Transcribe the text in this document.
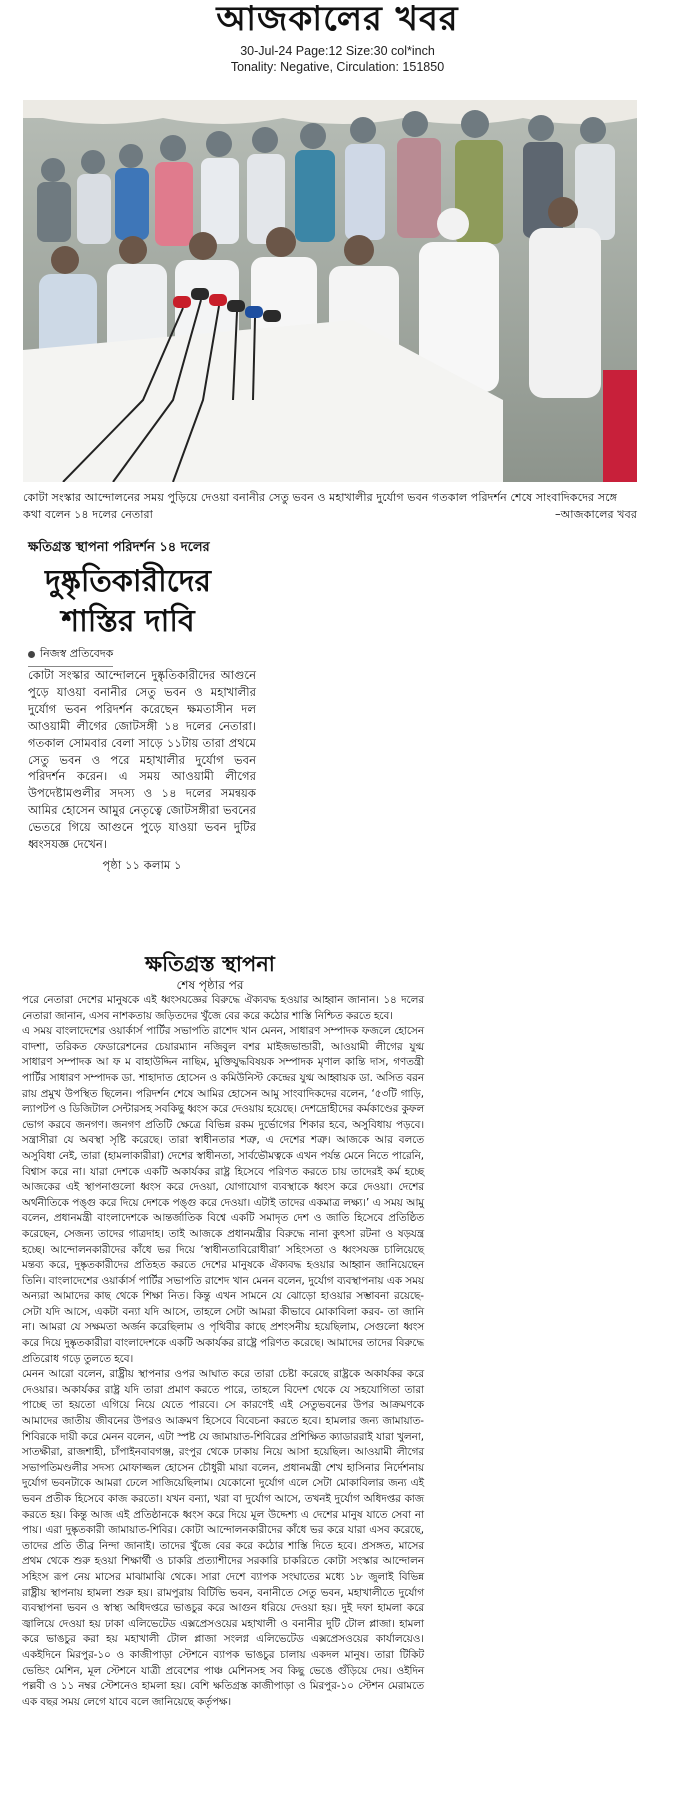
আজকালের খবর
30-Jul-24 Page:12 Size:30 col*inch
Tonality: Negative, Circulation: 151850
কোটা সংস্কার আন্দোলনের সময় পুড়িয়ে দেওয়া বনানীর সেতু ভবন ও মহাখালীর দুর্যোগ ভবন গতকাল পরিদর্শন শেষে সাংবাদিকদের সঙ্গে কথা বলেন ১৪ দলের নেতারা	–আজকালের খবর
ক্ষতিগ্রস্ত স্থাপনা পরিদর্শন ১৪ দলের
দুষ্কৃতিকারীদের শাস্তির দাবি
নিজস্ব প্রতিবেদক
কোটা সংস্কার আন্দোলনে দুষ্কৃতিকারীদের আগুনে পুড়ে যাওয়া বনানীর সেতু ভবন ও মহাখালীর দুর্যোগ ভবন পরিদর্শন করেছেন ক্ষমতাসীন দল আওয়ামী লীগের জোটসঙ্গী ১৪ দলের নেতারা। গতকাল সোমবার বেলা সাড়ে ১১টায় তারা প্রথমে সেতু ভবন ও পরে মহাখালীর দুর্যোগ ভবন পরিদর্শন করেন। এ সময় আওয়ামী লীগের উপদেষ্টামণ্ডলীর সদস্য ও ১৪ দলের সমন্বয়ক আমির হোসেন আমুর নেতৃত্বে জোটসঙ্গীরা ভবনের ভেতরে গিয়ে আগুনে পুড়ে যাওয়া ভবন দুটির ধ্বংসযজ্ঞ দেখেন।
পৃষ্ঠা ১১ কলাম ১
ক্ষতিগ্রস্ত স্থাপনা
শেষ পৃষ্ঠার পর

পরে নেতারা দেশের মানুষকে এই ধ্বংসযজ্ঞের বিরুদ্ধে ঐক্যবদ্ধ হওয়ার আহ্বান জানান। ১৪ দলের নেতারা জানান, এসব নাশকতায় জড়িতদের খুঁজে বের করে কঠোর শাস্তি নিশ্চিত করতে হবে।

এ সময় বাংলাদেশের ওয়ার্কার্স পার্টির সভাপতি রাশেদ খান মেনন, সাধারণ সম্পাদক ফজলে হোসেন বাদশা, তরিকত ফেডারেশনের চেয়ারম্যান নজিবুল বশর মাইজভান্ডারী, আওয়ামী লীগের যুগ্ম সাধারণ সম্পাদক আ ফ ম বাহাউদ্দিন নাছিম, মুক্তিযুদ্ধবিষয়ক সম্পাদক মৃণাল কান্তি দাস, গণতন্ত্রী পার্টির সাধারণ সম্পাদক ডা. শাহাদাত হোসেন ও কমিউনিস্ট কেন্দ্রের যুগ্ম আহ্বায়ক ডা. অসিত বরন রায় প্রমুখ উপস্থিত ছিলেন। পরিদর্শন শেষে আমির হোসেন আমু সাংবাদিকদের বলেন, ‘৫৩টি গাড়ি, ল্যাপটপ ও ডিজিটাল সেন্টারসহ সবকিছু ধ্বংস করে দেওয়ায় হয়েছে। দেশদ্রোহীদের কর্মকাণ্ডের কুফল ভোগ করবে জনগণ। জনগণ প্রতিটি ক্ষেত্রে বিভিন্ন রকম দুর্ভোগের শিকার হবে, অসুবিধায় পড়বে। সন্ত্রাসীরা যে অবস্থা সৃষ্টি করেছে। তারা স্বাধীনতার শত্রু, এ দেশের শত্রু। আজকে আর বলতে অসুবিধা নেই, তারা (হামলাকারীরা) দেশের স্বাধীনতা, সার্বভৌমত্বকে এখন পর্যন্ত মেনে নিতে পারেনি, বিশ্বাস করে না। যারা দেশকে একটি অকার্যকর রাষ্ট্র হিসেবে পরিণত করতে চায় তাদেরই কর্ম হচ্ছে আজকের এই স্থাপনাগুলো ধ্বংস করে দেওয়া, যোগাযোগ ব্যবস্থাকে ধ্বংস করে দেওয়া। দেশের অর্থনীতিকে পঙ্গু করে দিয়ে দেশকে পঙ্গু করে দেওয়া। এটাই তাদের একমাত্র লক্ষ্য।’ এ সময় আমু বলেন, প্রধানমন্ত্রী বাংলাদেশকে আন্তর্জাতিক বিশ্বে একটি সমাদৃত দেশ ও জাতি হিসেবে প্রতিষ্ঠিত করেছেন, সেজন্য তাদের গাত্রদাহ। তাই আজকে প্রধানমন্ত্রীর বিরুদ্ধে নানা কুৎসা রটনা ও ষড়যন্ত্র হচ্ছে। আন্দোলনকারীদের কাঁধে ভর দিয়ে ‘স্বাধীনতাবিরোধীরা’ সহিংসতা ও ধ্বংসযজ্ঞ চালিয়েছে মন্তব্য করে, দুষ্কৃতকারীদের প্রতিহত করতে দেশের মানুষকে ঐক্যবদ্ধ হওয়ার আহ্বান জানিয়েছেন তিনি। বাংলাদেশের ওয়ার্কার্স পার্টির সভাপতি রাশেদ খান মেনন বলেন, দুর্যোগ ব্যবস্থাপনায় এক সময় অন্যরা আমাদের কাছ থেকে শিক্ষা নিত। কিন্তু এখন সামনে যে ঝোড়ো হাওয়ার সম্ভাবনা রয়েছে- সেটা যদি আসে, একটা বন্যা যদি আসে, তাহলে সেটা আমরা কীভাবে মোকাবিলা করব- তা জানি না। আমরা যে সক্ষমতা অর্জন করেছিলাম ও পৃথিবীর কাছে প্রশংসনীয় হয়েছিলাম, সেগুলো ধ্বংস করে দিয়ে দুষ্কৃতকারীরা বাংলাদেশকে একটি অকার্যকর রাষ্ট্রে পরিণত করেছে। আমাদের তাদের বিরুদ্ধে প্রতিরোধ গড়ে তুলতে হবে।

মেনন আরো বলেন, রাষ্ট্রীয় স্থাপনার ওপর আঘাত করে তারা চেষ্টা করেছে রাষ্ট্রকে অকার্যকর করে দেওয়ার। অকার্যকর রাষ্ট্র যদি তারা প্রমাণ করতে পারে, তাহলে বিদেশ থেকে যে সহযোগিতা তারা পাচ্ছে তা হয়তো এগিয়ে নিয়ে যেতে পারবে। সে কারণেই এই সেতুভবনের উপর আক্রমণকে আমাদের জাতীয় জীবনের উপরও আক্রমণ হিসেবে বিবেচনা করতে হবে। হামলার জন্য জামায়াত-শিবিরকে দায়ী করে মেনন বলেন, এটা স্পষ্ট যে জামায়াত-শিবিরের প্রশিক্ষিত ক্যাডাররাই যারা খুলনা, সাতক্ষীরা, রাজশাহী, চাঁপাইনবাবগঞ্জ, রংপুর থেকে ঢাকায় নিয়ে আসা হয়েছিল। আওয়ামী লীগের সভাপতিমণ্ডলীর সদস্য মোফাজ্জল হোসেন চৌধুরী মায়া বলেন, প্রধানমন্ত্রী শেখ হাসিনার নির্দেশনায় দুর্যোগ ভবনটাকে আমরা ঢেলে সাজিয়েছিলাম। যেকোনো দুর্যোগ এলে সেটা মোকাবিলার জন্য এই ভবন প্রতীক হিসেবে কাজ করতো। যখন বন্যা, খরা বা দুর্যোগ আসে, তখনই দুর্যোগ অধিদপ্তর কাজ করতে হয়। কিন্তু আজ এই প্রতিষ্ঠানকে ধ্বংস করে দিয়ে মূল উদ্দেশ্য এ দেশের মানুষ যাতে সেবা না পায়। এরা দুষ্কৃতকারী জামায়াত-শিবির। কোটা আন্দোলনকারীদের কাঁধে ভর করে যারা এসব করেছে, তাদের প্রতি তীব্র নিন্দা জানাই। তাদের খুঁজে বের করে কঠোর শাস্তি দিতে হবে। প্রসঙ্গত, মাসের প্রথম থেকে শুরু হওয়া শিক্ষার্থী ও চাকরি প্রত্যাশীদের সরকারি চাকরিতে কোটা সংস্কার আন্দোলন সহিংস রূপ নেয় মাসের মাঝামাঝি থেকে। সারা দেশে ব্যাপক সংঘাতের মধ্যে ১৮ জুলাই বিভিন্ন রাষ্ট্রীয় স্থাপনায় হামলা শুরু হয়। রামপুরায় বিটিভি ভবন, বনানীতে সেতু ভবন, মহাখালীতে দুর্যোগ ব্যবস্থাপনা ভবন ও স্বাস্থ্য অধিদপ্তরে ভাঙচুর করে আগুন ধরিয়ে দেওয়া হয়। দুই দফা হামলা করে জ্বালিয়ে দেওয়া হয় ঢাকা এলিভেটেড এক্সপ্রেসওয়ের মহাখালী ও বনানীর দুটি টোল প্লাজা। হামলা করে ভাঙচুর করা হয় মহাখালী টোল প্লাজা সংলগ্ন এলিভেটেড এক্সপ্রেসওয়ের কার্যালয়েও। একইদিনে মিরপুর-১০ ও কাজীপাড়া স্টেশনে ব্যাপক ভাঙচুর চালায় একদল মানুষ। তারা টিকিট ভেন্ডিং মেশিন, মূল স্টেশনে যাত্রী প্রবেশের পাঞ্চ মেশিনসহ সব কিছু ভেঙে গুঁড়িয়ে দেয়। ওইদিন পল্লবী ও ১১ নম্বর স্টেশনেও হামলা হয়। বেশি ক্ষতিগ্রস্ত কাজীপাড়া ও মিরপুর-১০ স্টেশন মেরামতে এক বছর সময় লেগে যাবে বলে জানিয়েছে কর্তৃপক্ষ।
